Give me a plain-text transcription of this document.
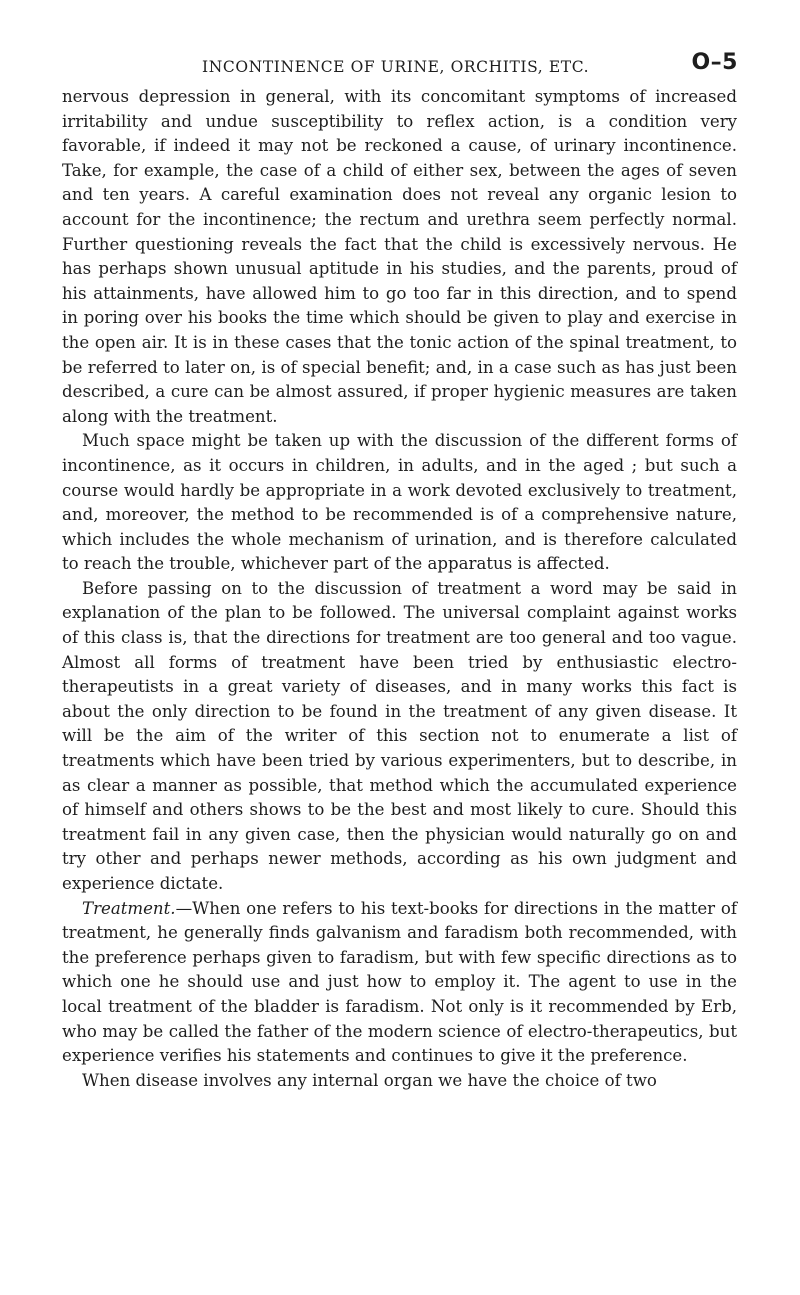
INCONTINENCE OF URINE, ORCHITIS, ETC.	O–5

nervous depression in general, with its concomitant symptoms of increased irritability and undue susceptibility to reflex action, is a condition very favorable, if indeed it may not be reckoned a cause, of urinary incontinence. Take, for example, the case of a child of either sex, between the ages of seven and ten years. A careful examination does not reveal any organic lesion to account for the incontinence; the rectum and urethra seem perfectly normal. Further questioning reveals the fact that the child is excessively nervous. He has perhaps shown unusual aptitude in his studies, and the parents, proud of his attainments, have allowed him to go too far in this direction, and to spend in poring over his books the time which should be given to play and exercise in the open air. It is in these cases that the tonic action of the spinal treatment, to be referred to later on, is of special benefit; and, in a case such as has just been described, a cure can be almost assured, if proper hygienic measures are taken along with the treatment.

Much space might be taken up with the discussion of the different forms of incontinence, as it occurs in children, in adults, and in the aged ; but such a course would hardly be appropriate in a work devoted exclusively to treatment, and, moreover, the method to be recommended is of a comprehensive nature, which includes the whole mechanism of urination, and is therefore calculated to reach the trouble, whichever part of the apparatus is affected.

Before passing on to the discussion of treatment a word may be said in explanation of the plan to be followed. The universal complaint against works of this class is, that the directions for treatment are too general and too vague. Almost all forms of treatment have been tried by enthusiastic electro-therapeutists in a great variety of diseases, and in many works this fact is about the only direction to be found in the treatment of any given disease. It will be the aim of the writer of this section not to enumerate a list of treatments which have been tried by various experimenters, but to describe, in as clear a manner as possible, that method which the accumulated experience of himself and others shows to be the best and most likely to cure. Should this treatment fail in any given case, then the physician would naturally go on and try other and perhaps newer methods, according as his own judgment and experience dictate.

Treatment.—When one refers to his text-books for directions in the matter of treatment, he generally finds galvanism and faradism both recommended, with the preference perhaps given to faradism, but with few specific directions as to which one he should use and just how to employ it. The agent to use in the local treatment of the bladder is faradism. Not only is it recommended by Erb, who may be called the father of the modern science of electro-therapeutics, but experience verifies his statements and continues to give it the preference.

When disease involves any internal organ we have the choice of two
